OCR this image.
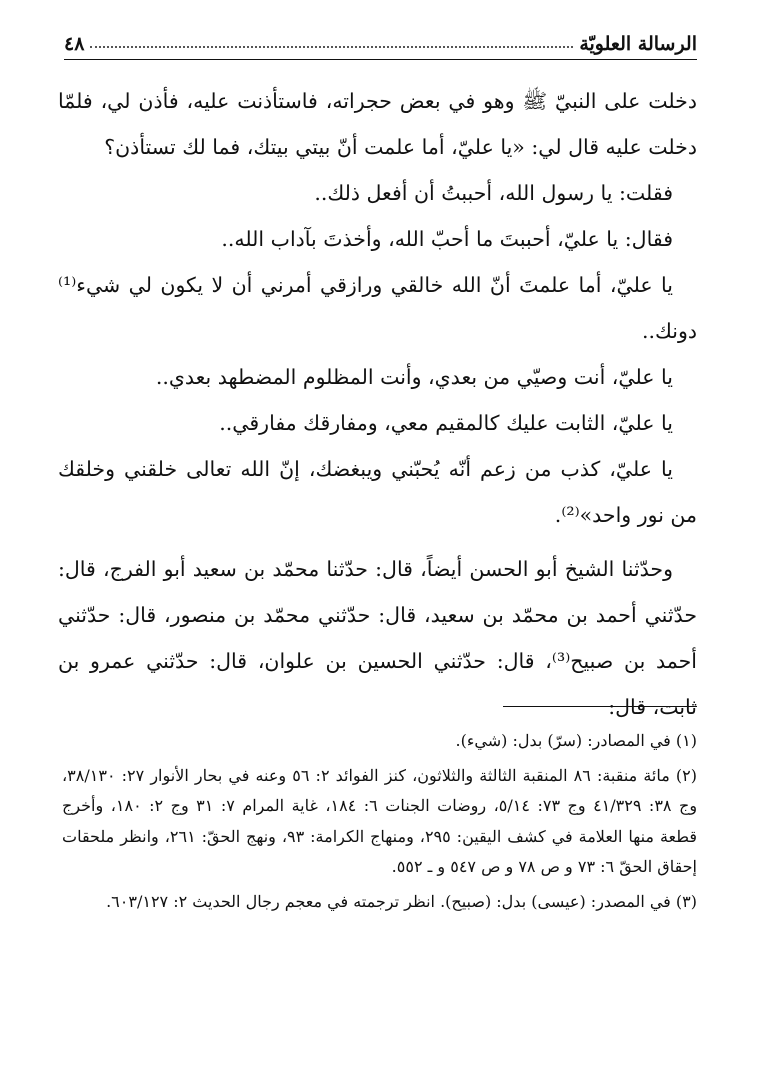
الرسالة العلويّة
٤٨

دخلت على النبيّ ﷺ وهو في بعض حجراته، فاستأذنت عليه، فأذن لي، فلمّا دخلت عليه قال لي: «يا عليّ، أما علمت أنّ بيتي بيتك، فما لك تستأذن؟

فقلت: يا رسول الله، أحببتُ أن أفعل ذلك..

فقال: يا عليّ، أحببتَ ما أحبّ الله، وأخذتَ بآداب الله..

يا عليّ، أما علمتَ أنّ الله خالقي ورازقي أمرني أن لا يكون لي شيء⁽¹⁾ دونك..

يا عليّ، أنت وصيّي من بعدي، وأنت المظلوم المضطهد بعدي..

يا عليّ، الثابت عليك كالمقيم معي، ومفارقك مفارقي..

يا عليّ، كذب من زعم أنّه يُحبّني ويبغضك، إنّ الله تعالى خلقني وخلقك من نور واحد»⁽²⁾.

وحدّثنا الشيخ أبو الحسن أيضاً، قال: حدّثنا محمّد بن سعيد أبو الفرج، قال: حدّثني أحمد بن محمّد بن سعيد، قال: حدّثني محمّد بن منصور، قال: حدّثني أحمد بن صبيح⁽³⁾، قال: حدّثني الحسين بن علوان، قال: حدّثني عمرو بن ثابت، قال:

(١) في المصادر: (سرّ) بدل: (شيء).

(٢) مائة منقبة: ٨٦ المنقبة الثالثة والثلاثون، كنز الفوائد ٢: ٥٦ وعنه في بحار الأنوار ٢٧: ٣٨/١٣٠، وج ٣٨: ٤١/٣٢٩ وج ٧٣: ٥/١٤، روضات الجنات ٦: ١٨٤، غاية المرام ٧: ٣١ وج ٢: ١٨٠، وأخرج قطعة منها العلامة في كشف اليقين: ٢٩٥، ومنهاج الكرامة: ٩٣، ونهج الحقّ: ٢٦١، وانظر ملحقات إحقاق الحقّ ٦: ٧٣ و ص ٧٨ و ص ٥٤٧ و ـ ٥٥٢.

(٣) في المصدر: (عيسى) بدل: (صبيح). انظر ترجمته في معجم رجال الحديث ٢: ٦٠٣/١٢٧.
